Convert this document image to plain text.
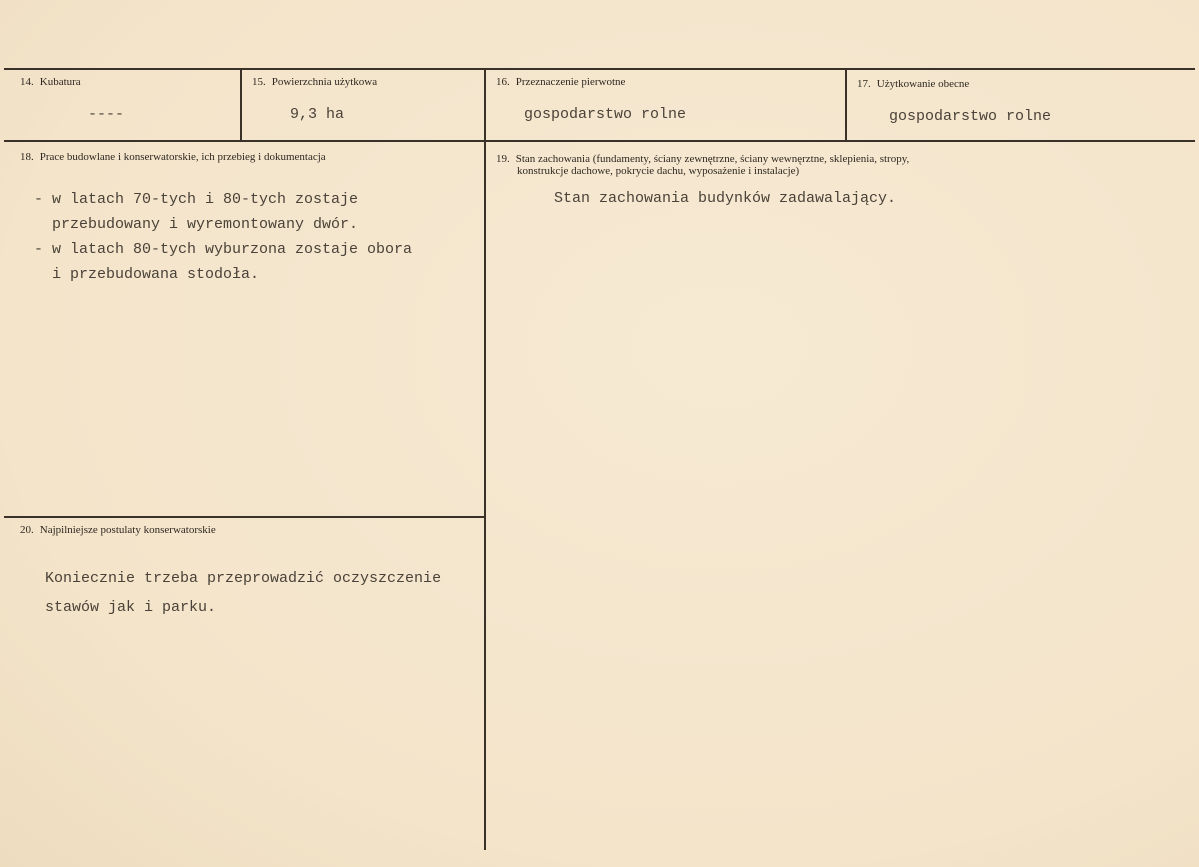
14. Kubatura
----
15. Powierzchnia użytkowa
9,3 ha
16. Przeznaczenie pierwotne
gospodarstwo rolne
17. Użytkowanie obecne
gospodarstwo rolne
18. Prace budowlane i konserwatorskie, ich przebieg i dokumentacja
- w latach 70-tych i 80-tych zostaje
przebudowany i wyremontowany dwór.
- w latach 80-tych wyburzona zostaje obora
i przebudowana stodoła.
19. Stan zachowania (fundamenty, ściany zewnętrzne, ściany wewnęrztne, sklepienia, stropy,
konstrukcje dachowe, pokrycie dachu, wyposażenie i instalacje)
Stan zachowania budynków zadawalający.
20. Najpilniejsze postulaty konserwatorskie
Koniecznie trzeba przeprowadzić oczyszczenie
stawów jak i parku.
